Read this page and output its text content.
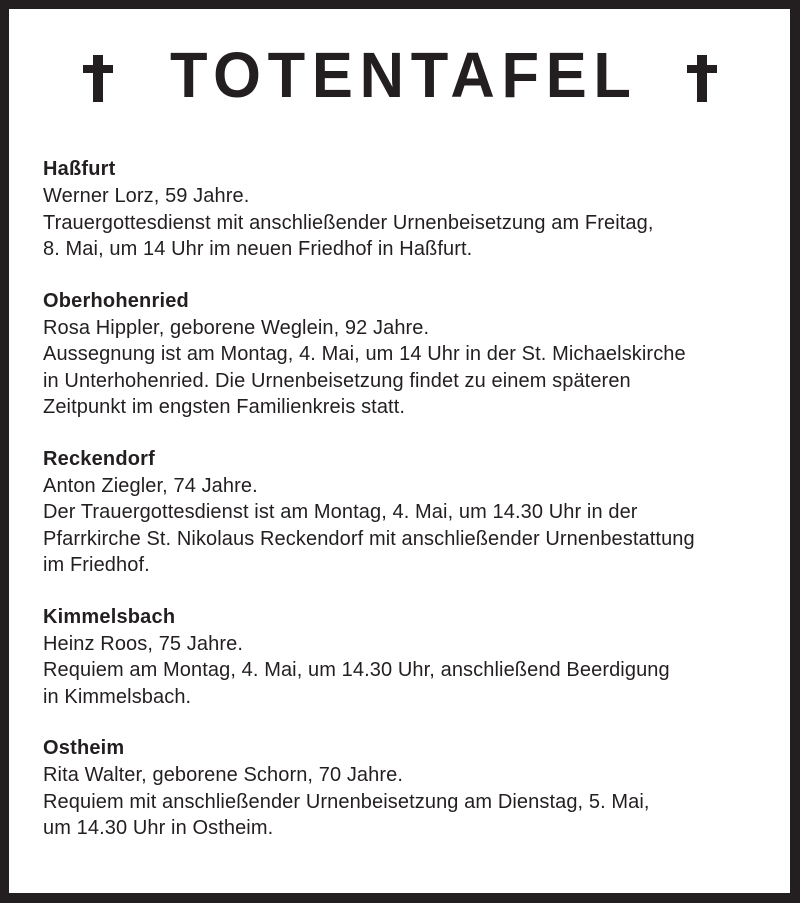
TOTENTAFEL
Haßfurt
Werner Lorz, 59 Jahre.
Trauergottesdienst mit anschließender Urnenbeisetzung am Freitag,
8. Mai, um 14 Uhr im neuen Friedhof in Haßfurt.
Oberhohenried
Rosa Hippler, geborene Weglein, 92 Jahre.
Aussegnung ist am Montag, 4. Mai, um 14 Uhr in der St. Michaelskirche
in Unterhohenried. Die Urnenbeisetzung findet zu einem späteren
Zeitpunkt im engsten Familienkreis statt.
Reckendorf
Anton Ziegler, 74 Jahre.
Der Trauergottesdienst ist am Montag, 4. Mai, um 14.30 Uhr in der
Pfarrkirche St. Nikolaus Reckendorf mit anschließender Urnenbestattung
im Friedhof.
Kimmelsbach
Heinz Roos, 75 Jahre.
Requiem am Montag, 4. Mai, um 14.30 Uhr, anschließend Beerdigung
in Kimmelsbach.
Ostheim
Rita Walter, geborene Schorn, 70 Jahre.
Requiem mit anschließender Urnenbeisetzung am Dienstag, 5. Mai,
um 14.30 Uhr in Ostheim.
